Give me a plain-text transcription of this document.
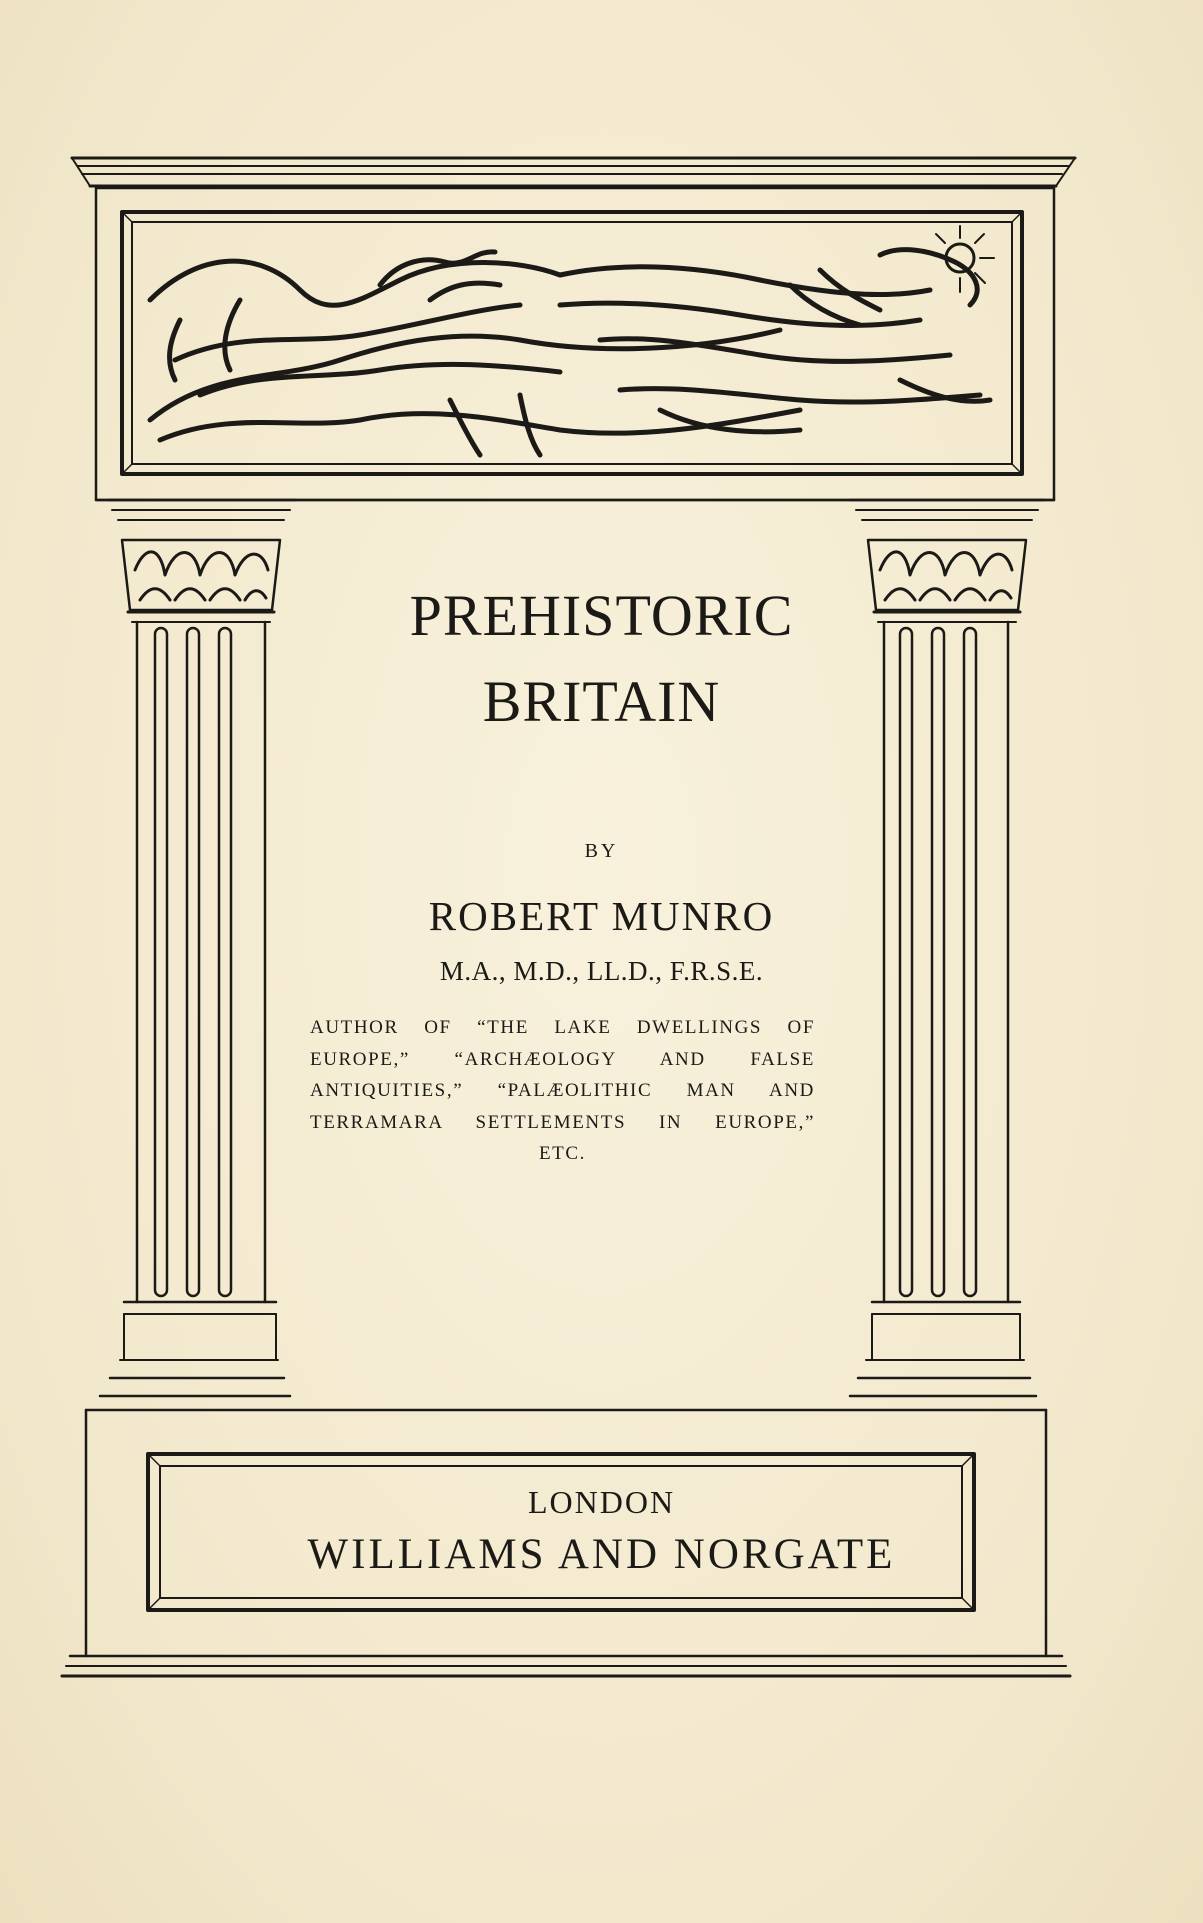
PREHISTORIC
BRITAIN
BY
ROBERT MUNRO
M.A., M.D., LL.D., F.R.S.E.
AUTHOR OF “THE LAKE DWELLINGS OF
EUROPE,” “ARCHÆOLOGY AND FALSE
ANTIQUITIES,” “PALÆOLITHIC MAN AND
TERRAMARA SETTLEMENTS IN EUROPE,”
ETC.
LONDON
WILLIAMS AND NORGATE
